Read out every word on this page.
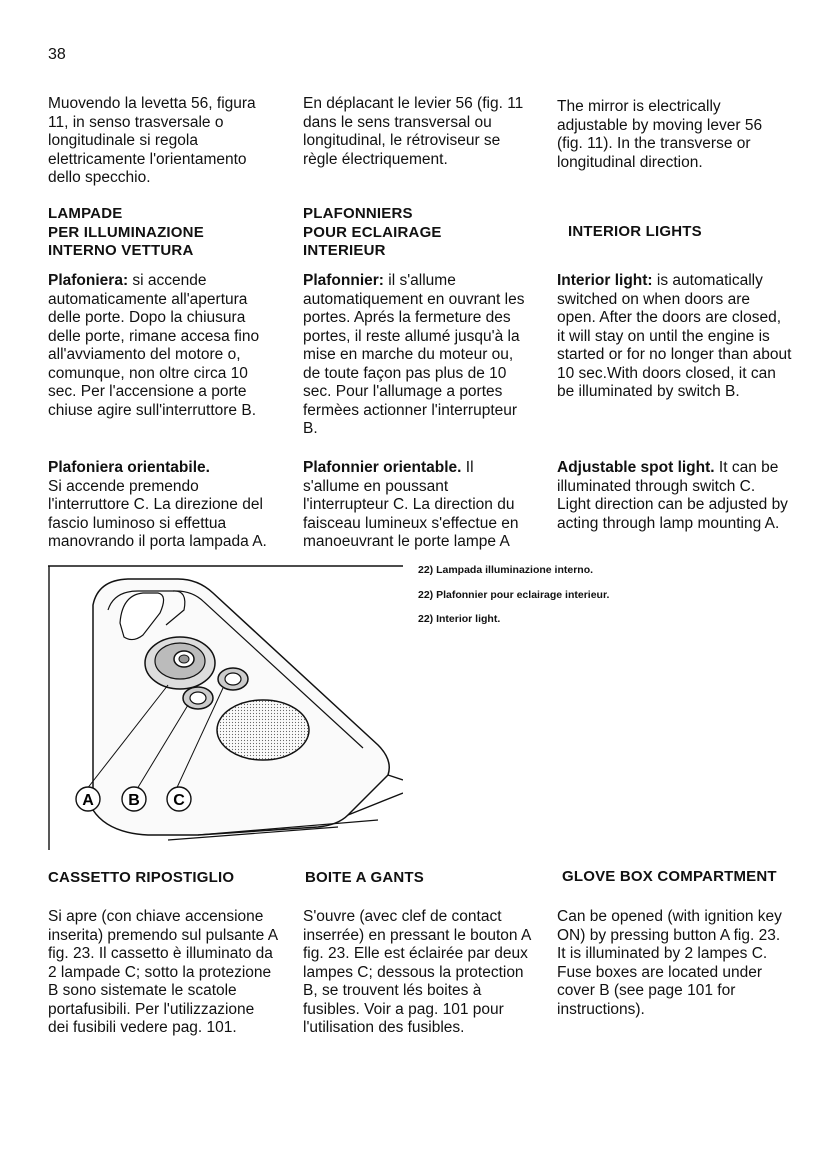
38

Muovendo la levetta 56, figura 11, in senso trasversale o longitudinale si regola elettricamente l'orientamento dello specchio.

En déplacant le levier 56 (fig. 11 dans le sens transversal ou longitudinal, le rétroviseur se règle électriquement.

The mirror is electrically adjustable by moving lever 56 (fig. 11). In the transverse or longitudinal direction.

LAMPADE
PER ILLUMINAZIONE
INTERNO VETTURA
PLAFONNIERS
POUR ECLAIRAGE
INTERIEUR
INTERIOR LIGHTS

Plafoniera: si accende automaticamente all'apertura delle porte. Dopo la chiusura delle porte, rimane accesa fino all'avviamento del motore o, comunque, non oltre circa 10 sec. Per l'accensione a porte chiuse agire sull'interruttore B.

Plafonnier: il s'allume automatiquement en ouvrant les portes. Aprés la fermeture des portes, il reste allumé jusqu'à la mise en marche du moteur ou, de toute façon pas plus de 10 sec. Pour l'allumage a portes fermèes actionner l'interrupteur B.

Interior light: is automatically switched on when doors are open. After the doors are closed, it will stay on until the engine is started or for no longer than about 10 sec.With doors closed, it can be illuminated by switch B.

Plafoniera orientabile.
Si accende premendo l'interruttore C. La direzione del fascio luminoso si effettua manovrando il porta lampada A.

Plafonnier orientable. Il s'allume en poussant l'interrupteur C. La direction du faisceau lumineux s'effectue en manoeuvrant le porte lampe A

Adjustable spot light. It can be illuminated through switch C. Light direction can be adjusted by acting through lamp mounting A.

22) Lampada illuminazione interno.
22) Plafonnier pour eclairage interieur.
22) Interior light.
A B C
CASSETTO RIPOSTIGLIO	BOITE A GANTS	GLOVE BOX COMPARTMENT

Si apre (con chiave accensione inserita) premendo sul pulsante A fig. 23. Il cassetto è illuminato da 2 lampade C; sotto la protezione B sono sistemate le scatole portafusibili. Per l'utilizzazione dei fusibili vedere pag. 101.

S'ouvre (avec clef de contact inserrée) en pressant le bouton A fig. 23. Elle est éclairée par deux lampes C; dessous la protection B, se trouvent lés boites à fusibles. Voir a pag. 101 pour l'utilisation des fusibles.

Can be opened (with ignition key ON) by pressing button A fig. 23. It is illuminated by 2 lampes C. Fuse boxes are located under cover B (see page 101 for instructions).
